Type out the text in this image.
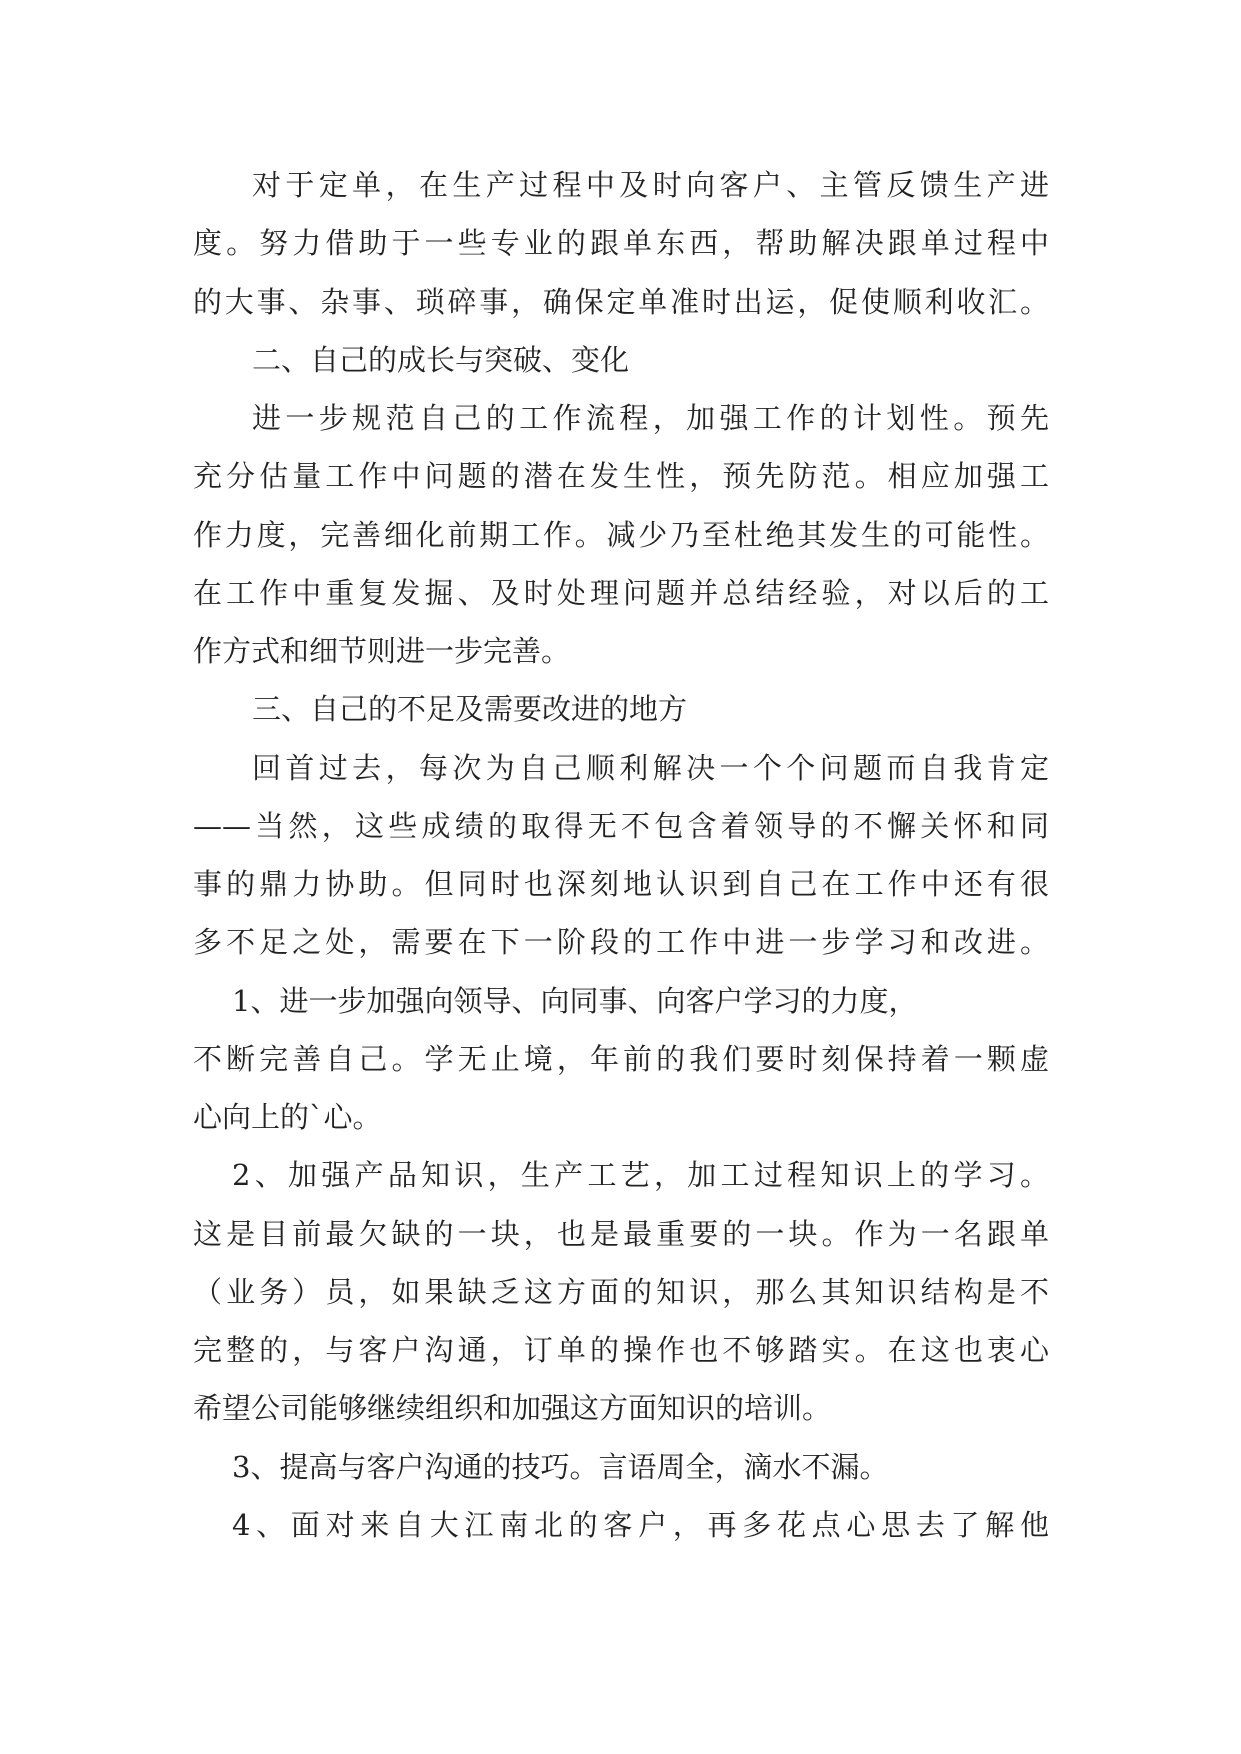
对于定单，在生产过程中及时向客户、主管反馈生产进
度。努力借助于一些专业的跟单东西，帮助解决跟单过程中
的大事、杂事、琐碎事，确保定单准时出运，促使顺利收汇。
二、自己的成长与突破、变化
进一步规范自己的工作流程，加强工作的计划性。预先
充分估量工作中问题的潜在发生性，预先防范。相应加强工
作力度，完善细化前期工作。减少乃至杜绝其发生的可能性。
在工作中重复发掘、及时处理问题并总结经验，对以后的工
作方式和细节则进一步完善。
三、自己的不足及需要改进的地方
回首过去，每次为自己顺利解决一个个问题而自我肯定
——当然，这些成绩的取得无不包含着领导的不懈关怀和同
事的鼎力协助。但同时也深刻地认识到自己在工作中还有很
多不足之处，需要在下一阶段的工作中进一步学习和改进。
1、进一步加强向领导、向同事、向客户学习的力度，
不断完善自己。学无止境，年前的我们要时刻保持着一颗虚
心向上的`心。
2、加强产品知识，生产工艺，加工过程知识上的学习。
这是目前最欠缺的一块，也是最重要的一块。作为一名跟单
（业务）员，如果缺乏这方面的知识，那么其知识结构是不
完整的，与客户沟通，订单的操作也不够踏实。在这也衷心
希望公司能够继续组织和加强这方面知识的培训。
3、提高与客户沟通的技巧。言语周全，滴水不漏。
4、面对来自大江南北的客户，再多花点心思去了解他
